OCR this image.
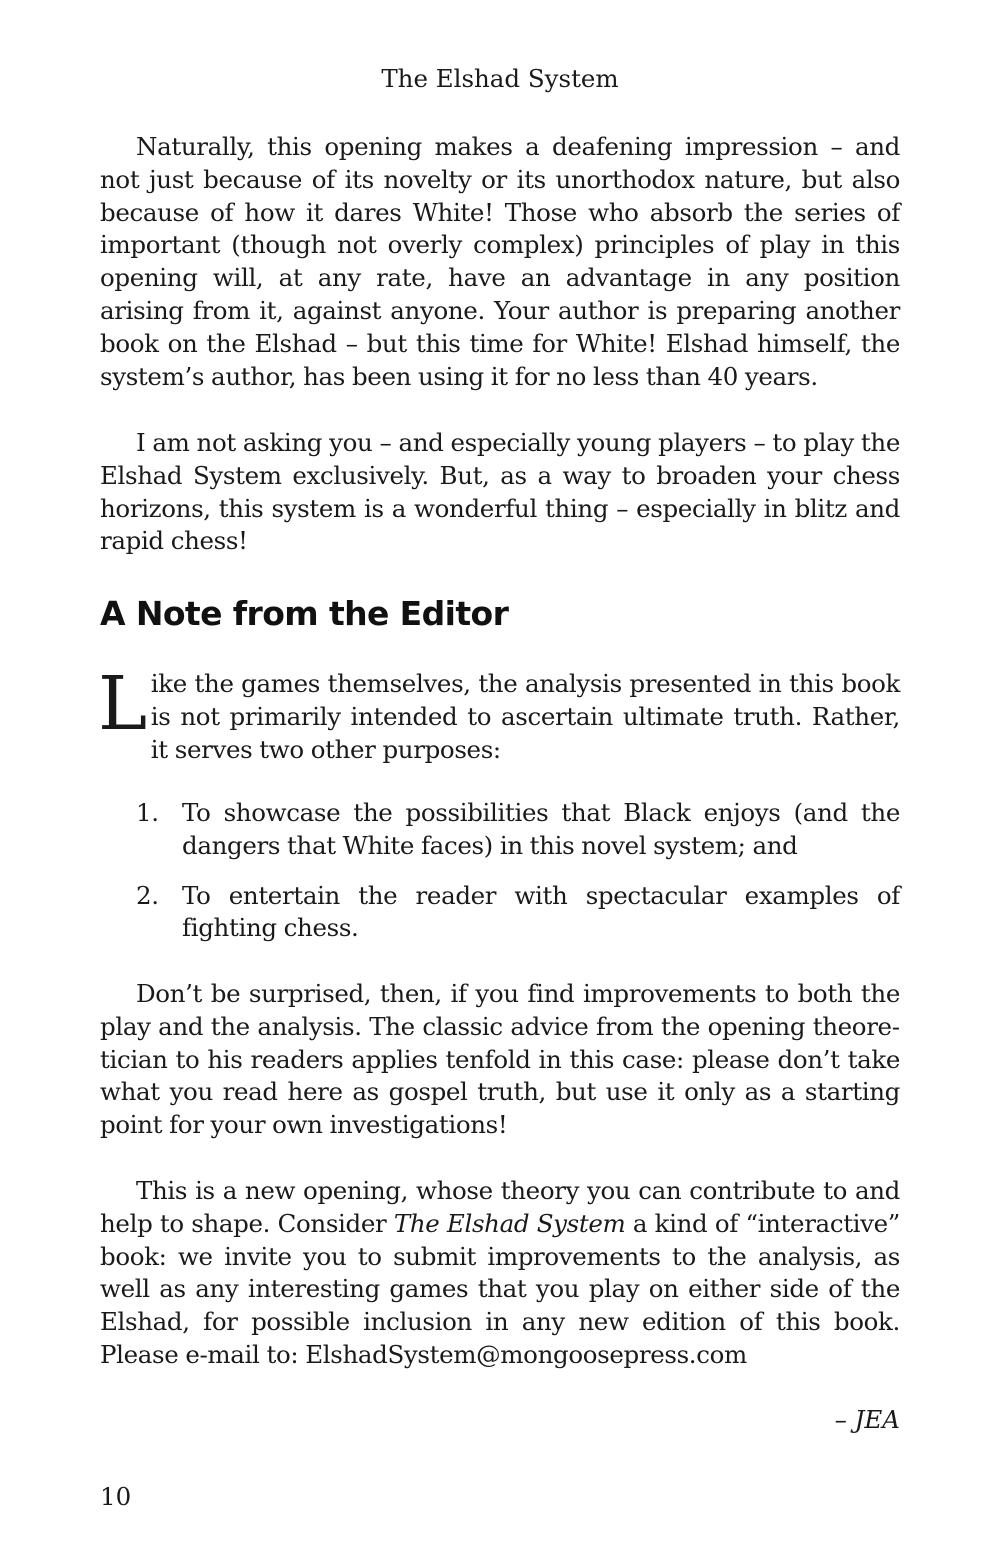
The Elshad System

Naturally, this opening makes a deafening impression – and not just because of its novelty or its unorthodox nature, but also because of how it dares White! Those who absorb the series of important (though not overly complex) principles of play in this opening will, at any rate, have an advantage in any position arising from it, against anyone. Your author is preparing another book on the Elshad – but this time for White! Elshad himself, the system’s author, has been using it for no less than 40 years.

I am not asking you – and especially young players – to play the Elshad System exclusively. But, as a way to broaden your chess horizons, this system is a wonderful thing – especially in blitz and rapid chess!

A Note from the Editor

Like the games themselves, the analysis presented in this book is not primarily intended to ascertain ultimate truth. Rather, it serves two other purposes:

1. To showcase the possibilities that Black enjoys (and the dangers that White faces) in this novel system; and
2. To entertain the reader with spectacular examples of fighting chess.

Don’t be surprised, then, if you find improvements to both the play and the analysis. The classic advice from the opening theoretician to his readers applies tenfold in this case: please don’t take what you read here as gospel truth, but use it only as a starting point for your own investigations!

This is a new opening, whose theory you can contribute to and help to shape. Consider The Elshad System a kind of “interactive” book: we invite you to submit improvements to the analysis, as well as any interesting games that you play on either side of the Elshad, for possible inclusion in any new edition of this book. Please e-mail to: ElshadSystem@mongoosepress.com

– JEA
10
